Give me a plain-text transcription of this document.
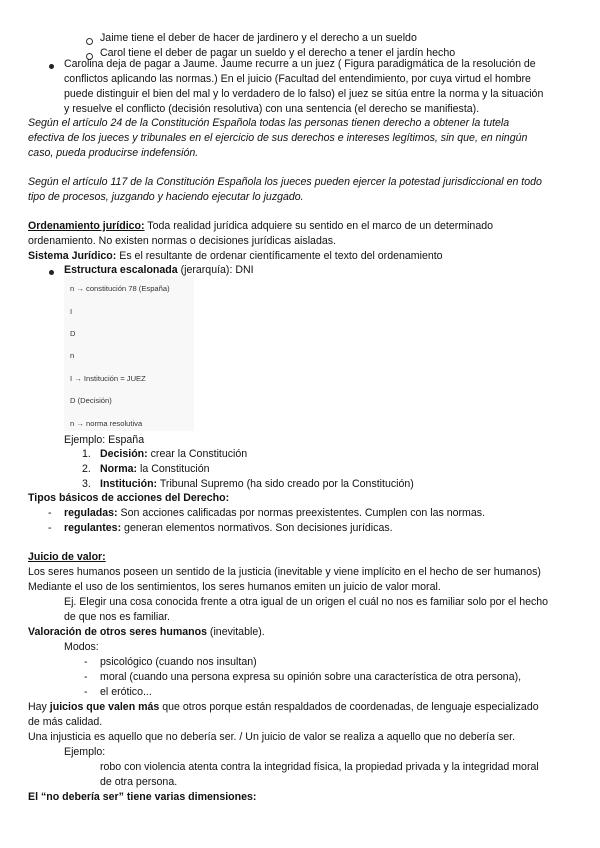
Jaime tiene el deber de hacer de jardinero y el derecho a un sueldo
Carol tiene el deber de pagar un sueldo y el derecho a tener el jardín hecho
Carolina deja de pagar a Jaume. Jaume recurre a un juez ( Figura paradigmática de la resolución de
conflictos aplicando las normas.) En el juicio (Facultad del entendimiento, por cuya virtud el hombre
puede distinguir el bien del mal y lo verdadero de lo falso) el juez se sitúa entre la norma y la situación
y resuelve el conflicto (decisión resolutiva) con una sentencia (el derecho se manifiesta).
Según el artículo 24 de la Constitución Española todas las personas tienen derecho a obtener la tutela
efectiva de los jueces y tribunales en el ejercicio de sus derechos e intereses legítimos, sin que, en ningún
caso, pueda producirse indefensión.
Según el artículo 117 de la Constitución Española los jueces pueden ejercer la potestad jurisdiccional en todo
tipo de procesos, juzgando y haciendo ejecutar lo juzgado.
Ordenamiento jurídico: Toda realidad jurídica adquiere su sentido en el marco de un determinado
ordenamiento. No existen normas o decisiones jurídicas aisladas.
Sistema Jurídico: Es el resultante de ordenar científicamente el texto del ordenamiento
Estructura escalonada (jerarquía): DNI
n → constitución 78 (España)
I
D
n
I → Institución = JUEZ
D (Decisión)
n → norma resolutiva
Ejemplo: España
1. Decisión: crear la Constitución
2. Norma: la Constitución
3. Institución: Tribunal Supremo (ha sido creado por la Constitución)
Tipos básicos de acciones del Derecho:
- reguladas: Son acciones calificadas por normas preexistentes. Cumplen con las normas.
- regulantes: generan elementos normativos. Son decisiones jurídicas.
Juicio de valor:
Los seres humanos poseen un sentido de la justicia (inevitable y viene implícito en el hecho de ser humanos)
Mediante el uso de los sentimientos, los seres humanos emiten un juicio de valor moral.
Ej. Elegir una cosa conocida frente a otra igual de un origen el cuál no nos es familiar solo por el hecho
de que nos es familiar.
Valoración de otros seres humanos (inevitable).
Modos:
- psicológico (cuando nos insultan)
- moral (cuando una persona expresa su opinión sobre una característica de otra persona),
- el erótico...
Hay juicios que valen más que otros porque están respaldados de coordenadas, de lenguaje especializado
de más calidad.
Una injusticia es aquello que no debería ser. / Un juicio de valor se realiza a aquello que no debería ser.
Ejemplo:
robo con violencia atenta contra la integridad física, la propiedad privada y la integridad moral
de otra persona.
El “no debería ser” tiene varias dimensiones:
